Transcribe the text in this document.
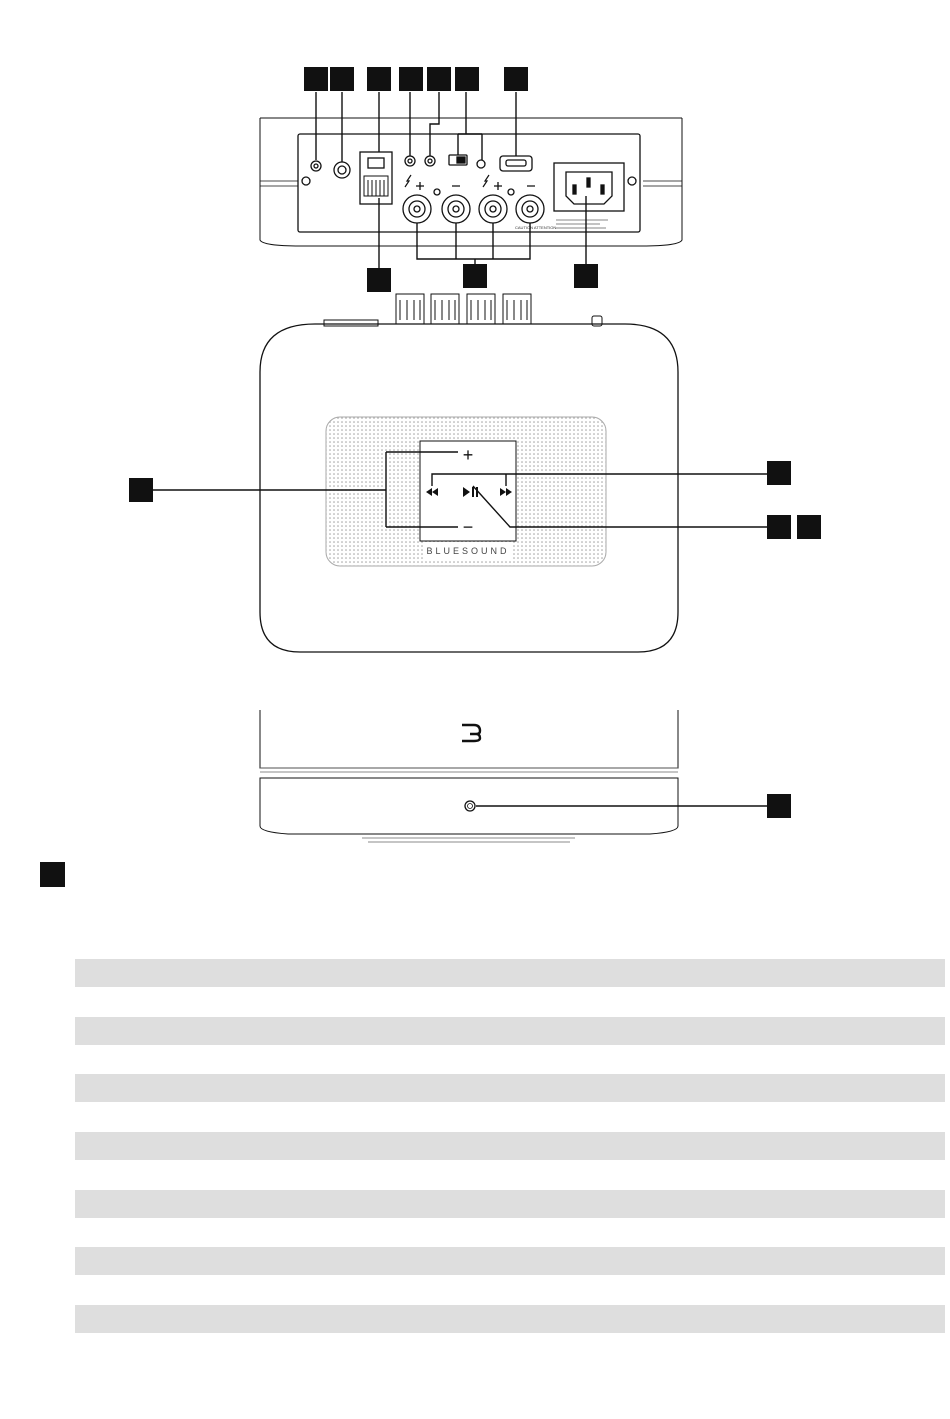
+
−
BLUESOUND
CAUTION ATTENTION
